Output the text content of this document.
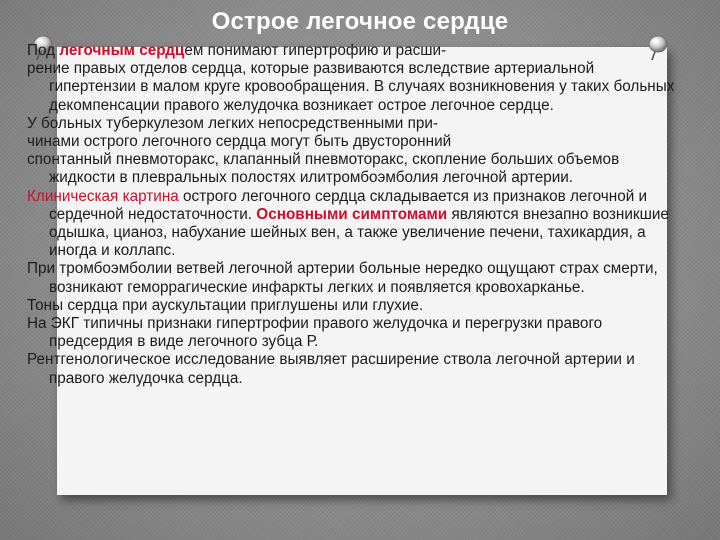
Острое легочное сердце

Под легочным сердцем понимают гипертрофию и расши-

рение правых отделов сердца, которые развиваются вследствие артериальной гипертензии в малом круге кровообращения. В случаях возникновения у таких больных декомпенсации правого желудочка возникает острое легочное сердце.

У больных туберкулезом легких непосредственными при-

чинами острого легочного сердца могут быть двусторонний

спонтанный пневмоторакс, клапанный пневмоторакс, скопление больших объемов жидкости в плевральных полостях илитромбоэмболия легочной артерии.

Клиническая картина острого легочного сердца складывается из признаков легочной и сердечной недостаточности. Основными симптомами являются внезапно возникшие одышка, цианоз, набухание шейных вен, а также увеличение печени, тахикардия, а иногда и коллапс.

При тромбоэмболии ветвей легочной артерии больные нередко ощущают страх смерти, возникают геморрагические инфаркты легких и появляется кровохарканье.

Тоны сердца при аускультации приглушены или глухие.

На ЭКГ типичны признаки гипертрофии правого желудочка и перегрузки правого предсердия в виде легочного зубца Р.

Рентгенологическое исследование выявляет расширение ствола легочной артерии и правого желудочка сердца.
